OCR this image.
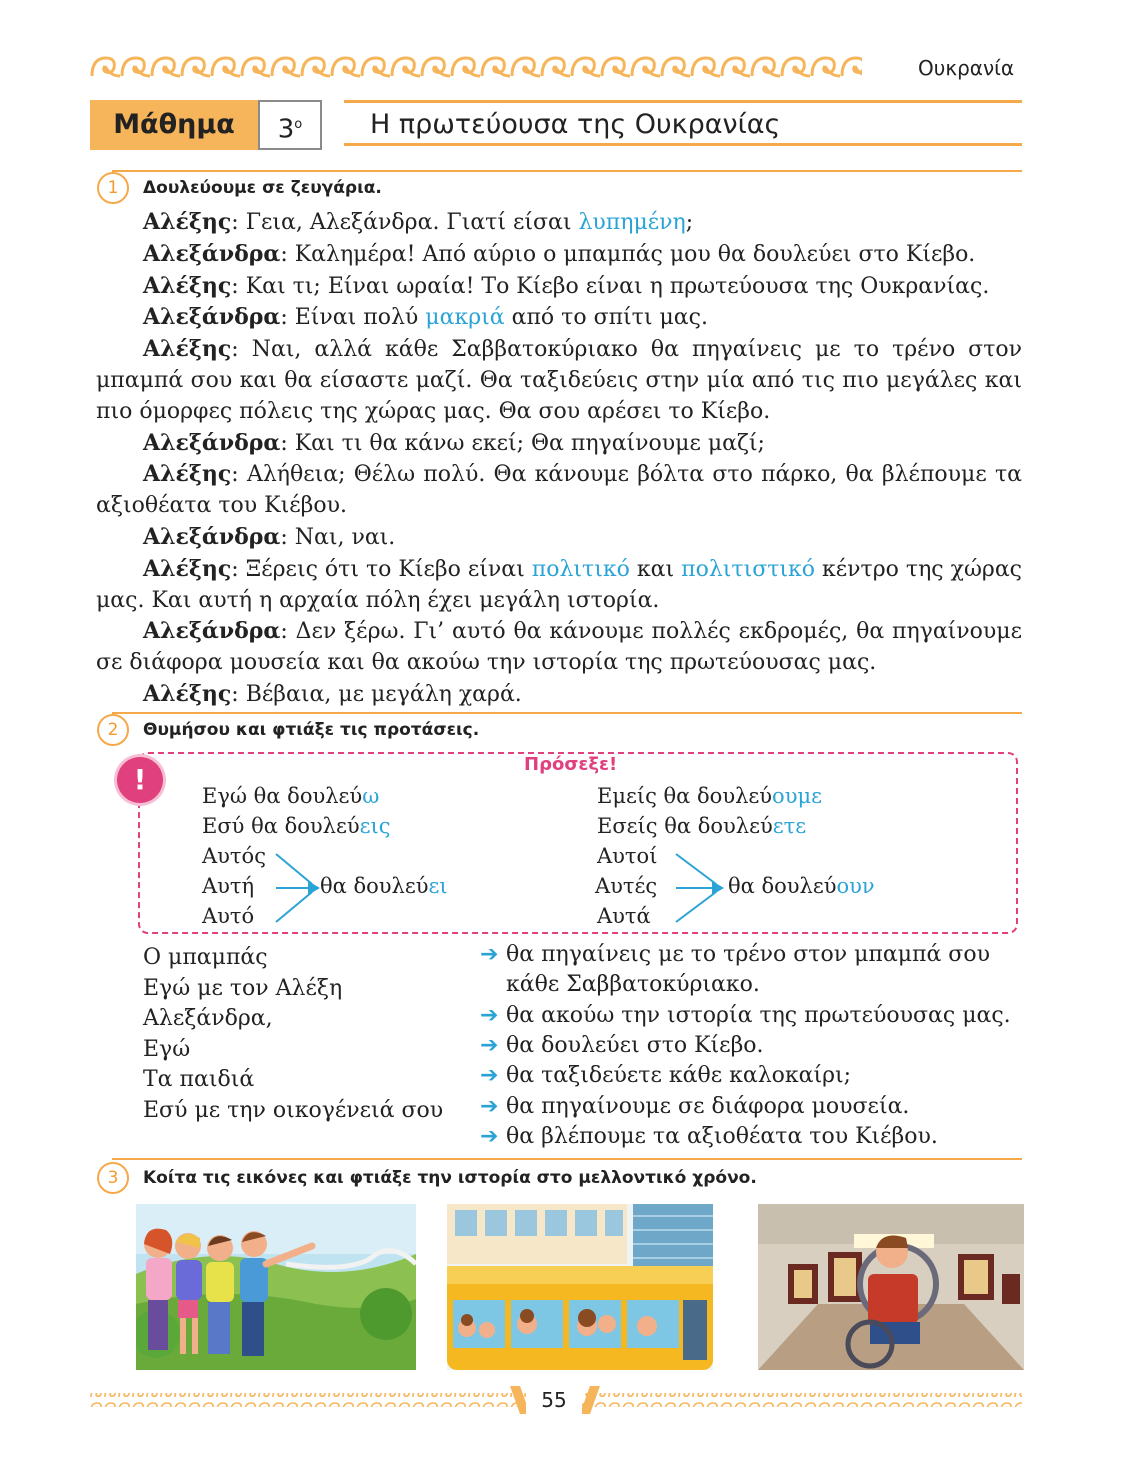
Ουκρανία
Μάθημα	$3^o$	Η πρωτεύουσα της Ουκρανίας
1	Δουλεύουμε σε ζευγάρια.

Αλέξης: Γεια, Αλεξάνδρα. Γιατί είσαι λυπημένη;

Αλεξάνδρα: Καλημέρα! Από αύριο ο μπαμπάς μου θα δουλεύει στο Κίεβο.

Αλέξης: Και τι; Είναι ωραία! Το Κίεβο είναι η πρωτεύουσα της Ουκρανίας.

Αλεξάνδρα: Είναι πολύ μακριά από το σπίτι μας.

Αλέξης: Ναι, αλλά κάθε Σαββατοκύριακο θα πηγαίνεις με το τρένο στον μπαμπά σου και θα είσαστε μαζί. Θα ταξιδεύεις στην μία από τις πιο μεγάλες και πιο όμορφες πόλεις της χώρας μας. Θα σου αρέσει το Κίεβο.

Αλεξάνδρα: Και τι θα κάνω εκεί; Θα πηγαίνουμε μαζί;

Αλέξης: Αλήθεια; Θέλω πολύ. Θα κάνουμε βόλτα στο πάρκο, θα βλέπουμε τα αξιοθέατα του Κιέβου.

Αλεξάνδρα: Ναι, ναι.

Αλέξης: Ξέρεις ότι το Κίεβο είναι πολιτικό και πολιτιστικό κέντρο της χώρας μας. Και αυτή η αρχαία πόλη έχει μεγάλη ιστορία.

Αλεξάνδρα: Δεν ξέρω. Γι’ αυτό θα κάνουμε πολλές εκδρομές, θα πηγαίνουμε σε διάφορα μουσεία και θα ακούω την ιστορία της πρωτεύουσας μας.

Αλέξης: Βέβαια, με μεγάλη χαρά.

2	Θυμήσου και φτιάξε τις προτάσεις.
!	Πρόσεξε!
Εγώ θα δουλεύω
Εσύ θα δουλεύεις
Αυτός
Αυτή
Αυτό
θα δουλεύει
Εμείς θα δουλεύουμε
Εσείς θα δουλεύετε
Αυτοί
Αυτές
Αυτά
θα δουλεύουν
Ο μπαμπάς
Εγώ με τον Αλέξη
Αλεξάνδρα,
Εγώ
Τα παιδιά
Εσύ με την οικογένειά σου
➔ θα πηγαίνεις με το τρένο στον μπαμπά σου
κάθε Σαββατοκύριακο.
➔ θα ακούω την ιστορία της πρωτεύουσας μας.
➔ θα δουλεύει στο Κίεβο.
➔ θα ταξιδεύετε κάθε καλοκαίρι;
➔ θα πηγαίνουμε σε διάφορα μουσεία.
➔ θα βλέπουμε τα αξιοθέατα του Κιέβου.
3	Κοίτα τις εικόνες και φτιάξε την ιστορία στο μελλοντικό χρόνο.
55
